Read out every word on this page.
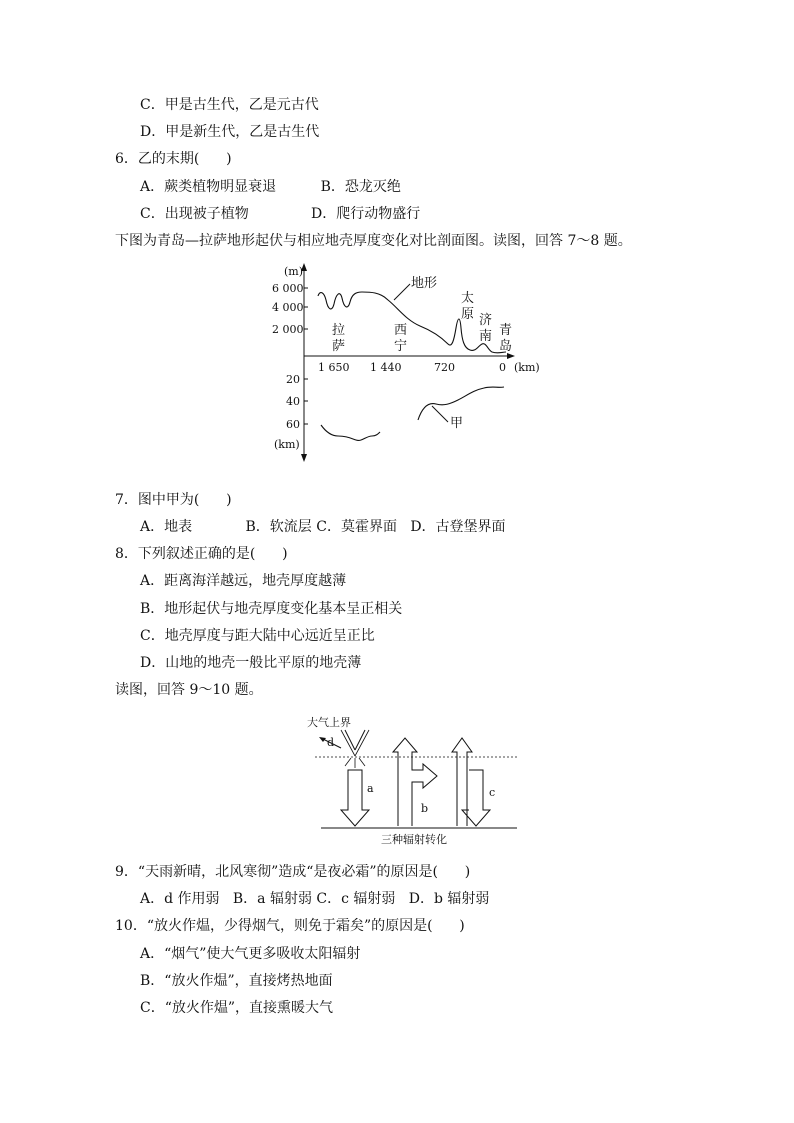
C．甲是古生代，乙是元古代
D．甲是新生代，乙是古生代
6．乙的末期(      )
A．蕨类植物明显衰退          B．恐龙灭绝
C．出现被子植物              D．爬行动物盛行
下图为青岛—拉萨地形起伏与相应地壳厚度变化对比剖面图。读图，回答 7～8 题。
(m)
6 000
4 000
2 000
20
40
60
(km)
1 650 1 440	720	0 (km)
地形
拉
萨
西
宁
太
原 济
南 青
岛
甲
7．图中甲为(      )
A．地表            B．软流层 C．莫霍界面   D．古登堡界面
8．下列叙述正确的是(      )
A．距离海洋越远，地壳厚度越薄
B．地形起伏与地壳厚度变化基本呈正相关
C．地壳厚度与距大陆中心远近呈正比
D．山地的地壳一般比平原的地壳薄
读图，回答 9～10 题。
大气上界
d
a
b
c
三种辐射转化
9．“天雨新晴，北风寒彻”造成“是夜必霜”的原因是(      )
A．d 作用弱   B．a 辐射弱 C．c 辐射弱   D．b 辐射弱
10．“放火作煴，少得烟气，则免于霜矣”的原因是(      )
A．“烟气”使大气更多吸收太阳辐射
B．“放火作煴”，直接烤热地面
C．“放火作煴”，直接熏暖大气
